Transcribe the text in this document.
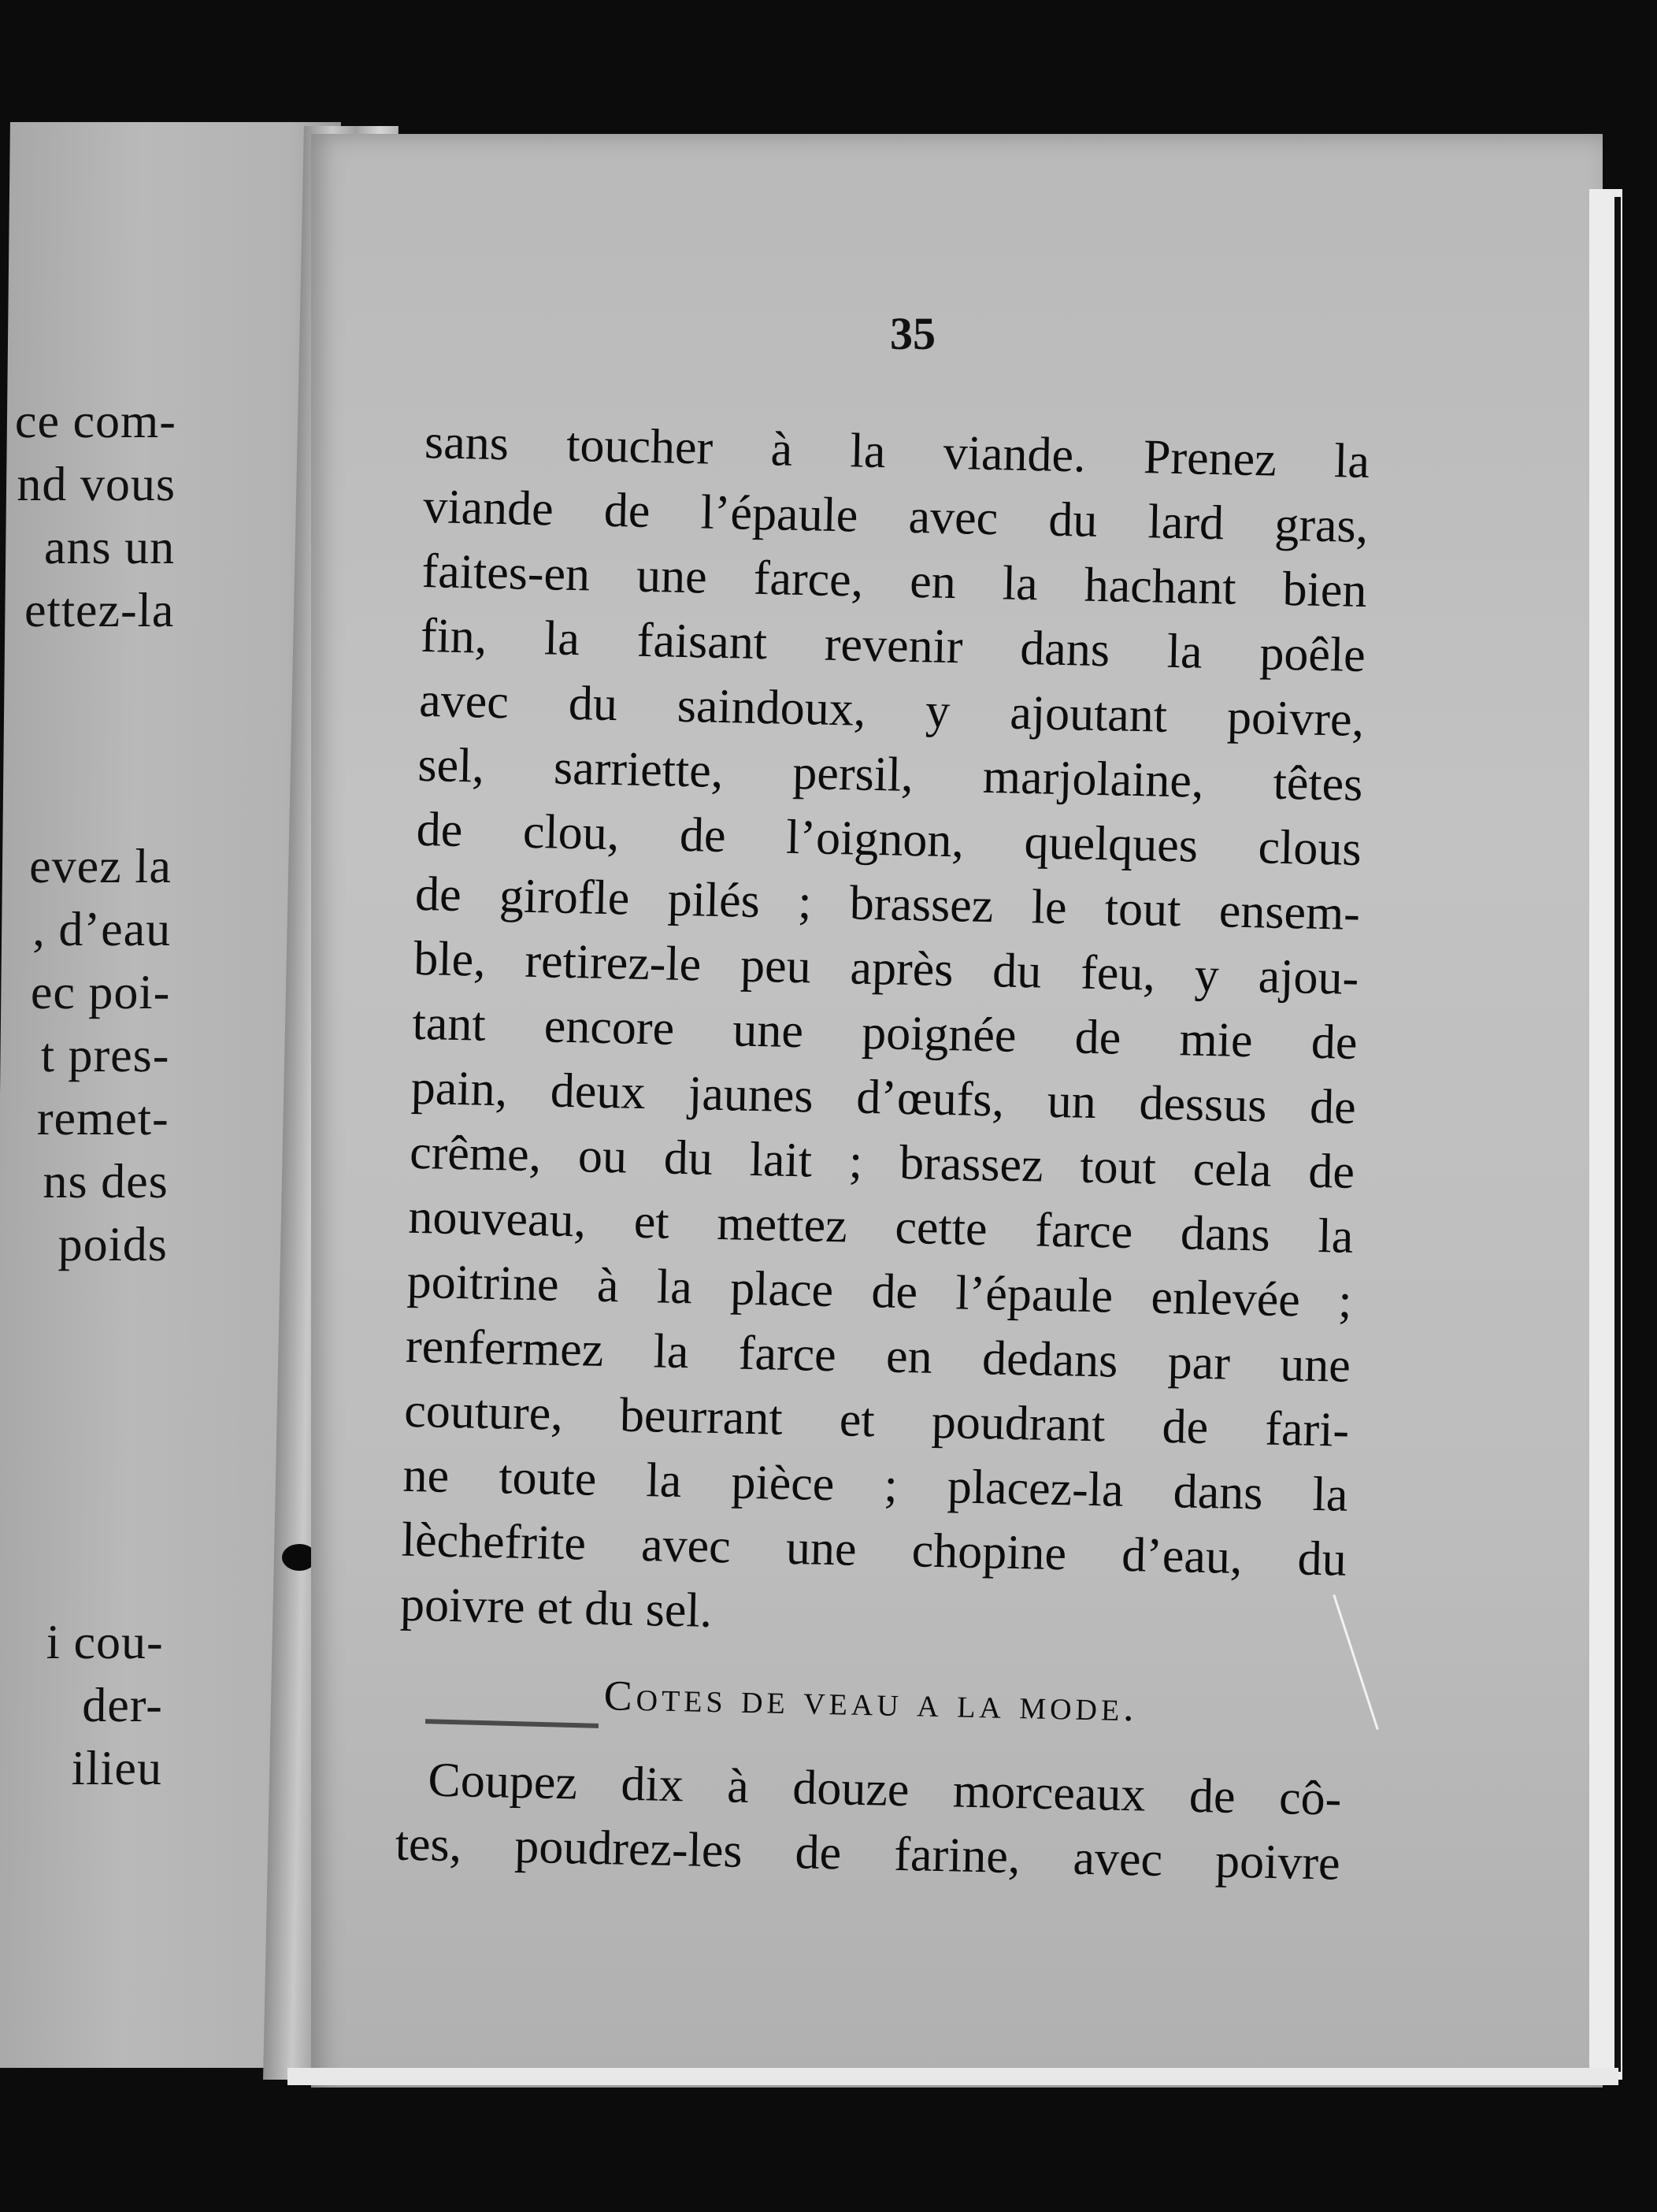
ce com-
nd vous
ans un
ettez-la
evez la
, d’eau
ec poi-
t pres-
remet-
ns des
poids
i cou-
der-
ilieu
35
sans toucher à la viande. Prenez la
viande de l’épaule avec du lard gras,
faites-en une farce, en la hachant bien
fin, la faisant revenir dans la poêle
avec du saindoux, y ajoutant poivre,
sel, sarriette, persil, marjolaine, têtes
de clou, de l’oignon, quelques clous
de girofle pilés ; brassez le tout ensem-
ble, retirez-le peu après du feu, y ajou-
tant encore une poignée de mie de
pain, deux jaunes d’œufs, un dessus de
crême, ou du lait ; brassez tout cela de
nouveau, et mettez cette farce dans la
poitrine à la place de l’épaule enlevée ;
renfermez la farce en dedans par une
couture, beurrant et poudrant de fari-
ne toute la pièce ; placez-la dans la
lèchefrite avec une chopine d’eau, du
poivre et du sel.
Cotes de veau a la mode.
Coupez dix à douze morceaux de cô-
tes, poudrez-les de farine, avec poivre
